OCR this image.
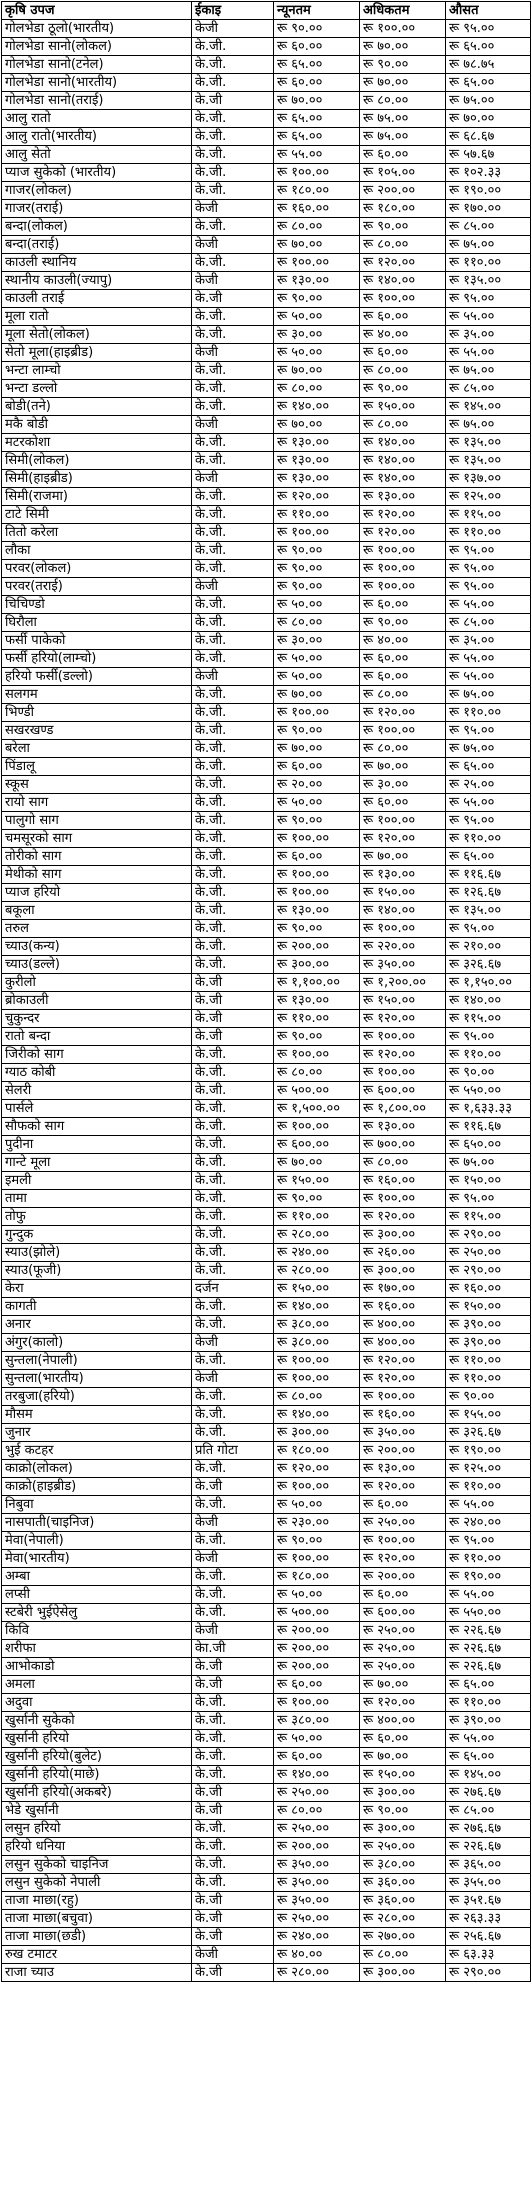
कृषि उपज	ईकाइ	न्यूनतम	अधिकतम	औसत
गोलभेडा ठूलो(भारतीय)	केजी	रू ९०.००	रू १००.००	रू ९५.००
गोलभेडा सानो(लोकल)	के.जी.	रू ६०.००	रू ७०.००	रू ६५.००
गोलभेडा सानो(टनेल)	के.जी.	रू ६५.००	रू ९०.००	रू ७८.७५
गोलभेडा सानो(भारतीय)	के.जी.	रू ६०.००	रू ७०.००	रू ६५.००
गोलभेडा सानो(तराई)	के.जी	रू ७०.००	रू ८०.००	रू ७५.००
आलु रातो	के.जी.	रू ६५.००	रू ७५.००	रू ७०.००
आलु रातो(भारतीय)	के.जी.	रू ६५.००	रू ७५.००	रू ६८.६७
आलु सेतो	के.जी.	रू ५५.००	रू ६०.००	रू ५७.६७
प्याज सुकेको (भारतीय)	के.जी.	रू १००.००	रू १०५.००	रू १०२.३३
गाजर(लोकल)	के.जी.	रू १८०.००	रू २००.००	रू १९०.००
गाजर(तराई)	केजी	रू १६०.००	रू १८०.००	रू १७०.००
बन्दा(लोकल)	के.जी.	रू ८०.००	रू ९०.००	रू ८५.००
बन्दा(तराई)	केजी	रू ७०.००	रू ८०.००	रू ७५.००
काउली स्थानिय	के.जी.	रू १००.००	रू १२०.००	रू ११०.००
स्थानीय काउली(ज्यापु)	केजी	रू १३०.००	रू १४०.००	रू १३५.००
काउली तराई	के.जी	रू ९०.००	रू १००.००	रू ९५.००
मूला रातो	के.जी.	रू ५०.००	रू ६०.००	रू ५५.००
मूला सेतो(लोकल)	के.जी.	रू ३०.००	रू ४०.००	रू ३५.००
सेतो मूला(हाइब्रीड)	केजी	रू ५०.००	रू ६०.००	रू ५५.००
भन्टा लाम्चो	के.जी.	रू ७०.००	रू ८०.००	रू ७५.००
भन्टा डल्लो	के.जी.	रू ८०.००	रू ९०.००	रू ८५.००
बोडी(तने)	के.जी.	रू १४०.००	रू १५०.००	रू १४५.००
मकै बोडी	केजी	रू ७०.००	रू ८०.००	रू ७५.००
मटरकोशा	के.जी.	रू १३०.००	रू १४०.००	रू १३५.००
सिमी(लोकल)	के.जी.	रू १३०.००	रू १४०.००	रू १३५.००
सिमी(हाइब्रीड)	केजी	रू १३०.००	रू १४०.००	रू १३७.००
सिमी(राजमा)	के.जी.	रू १२०.००	रू १३०.००	रू १२५.००
टाटे सिमी	के.जी.	रू ११०.००	रू १२०.००	रू ११५.००
तितो करेला	के.जी.	रू १००.००	रू १२०.००	रू ११०.००
लौका	के.जी.	रू ९०.००	रू १००.००	रू ९५.००
परवर(लोकल)	के.जी.	रू ९०.००	रू १००.००	रू ९५.००
परवर(तराई)	केजी	रू ९०.००	रू १००.००	रू ९५.००
चिचिण्डो	के.जी.	रू ५०.००	रू ६०.००	रू ५५.००
घिरौला	के.जी.	रू ८०.००	रू ९०.००	रू ८५.००
फर्सी पाकेको	के.जी.	रू ३०.००	रू ४०.००	रू ३५.००
फर्सी हरियो(लाम्चो)	के.जी.	रू ५०.००	रू ६०.००	रू ५५.००
हरियो फर्सी(डल्लो)	केजी	रू ५०.००	रू ६०.००	रू ५५.००
सलगम	के.जी.	रू ७०.००	रू ८०.००	रू ७५.००
भिण्डी	के.जी.	रू १००.००	रू १२०.००	रू ११०.००
सखरखण्ड	के.जी.	रू ९०.००	रू १००.००	रू ९५.००
बरेला	के.जी.	रू ७०.००	रू ८०.००	रू ७५.००
पिंडालू	के.जी.	रू ६०.००	रू ७०.००	रू ६५.००
स्कूस	के.जी.	रू २०.००	रू ३०.००	रू २५.००
रायो साग	के.जी.	रू ५०.००	रू ६०.००	रू ५५.००
पालुगो साग	के.जी.	रू ९०.००	रू १००.००	रू ९५.००
चमसूरको साग	के.जी.	रू १००.००	रू १२०.००	रू ११०.००
तोरीको साग	के.जी.	रू ६०.००	रू ७०.००	रू ६५.००
मेथीको साग	के.जी.	रू १००.००	रू १३०.००	रू ११६.६७
प्याज हरियो	के.जी.	रू १००.००	रू १५०.००	रू १२६.६७
बकूला	के.जी.	रू १३०.००	रू १४०.००	रू १३५.००
तरुल	के.जी.	रू ९०.००	रू १००.००	रू ९५.००
च्याउ(कन्य)	के.जी.	रू २००.००	रू २२०.००	रू २१०.००
च्याउ(डल्ले)	के.जी.	रू ३००.००	रू ३५०.००	रू ३२६.६७
कुरीलो	के.जी	रू १,१००.००	रू १,२००.००	रू १,१५०.००
ब्रोकाउली	के.जी	रू १३०.००	रू १५०.००	रू १४०.००
चुकुन्दर	के.जी	रू ११०.००	रू १२०.००	रू ११५.००
रातो बन्दा	के.जी	रू ९०.००	रू १००.००	रू ९५.००
जिरीको साग	के.जी.	रू १००.००	रू १२०.००	रू ११०.००
ग्याठ कोबी	के.जी.	रू ८०.००	रू १००.००	रू ९०.००
सेलरी	के.जी.	रू ५००.००	रू ६००.००	रू ५५०.००
पार्सले	के.जी.	रू १,५००.००	रू १,८००.००	रू १,६३३.३३
सौफको साग	के.जी.	रू १००.००	रू १३०.००	रू ११६.६७
पुदीना	के.जी.	रू ६००.००	रू ७००.००	रू ६५०.००
गान्टे मूला	के.जी.	रू ७०.००	रू ८०.००	रू ७५.००
इमली	के.जी.	रू १५०.००	रू १६०.००	रू १५०.००
तामा	के.जी.	रू ९०.००	रू १००.००	रू ९५.००
तोफु	के.जी.	रू ११०.००	रू १२०.००	रू ११५.००
गुन्दुक	के.जी.	रू २८०.००	रू ३००.००	रू २९०.००
स्याउ(झोले)	के.जी.	रू २४०.००	रू २६०.००	रू २५०.००
स्याउ(फूजी)	के.जी.	रू २८०.००	रू ३००.००	रू २९०.००
केरा	दर्जन	रू १५०.००	रू १७०.००	रू १६०.००
कागती	के.जी.	रू १४०.००	रू १६०.००	रू १५०.००
अनार	के.जी.	रू ३८०.००	रू ४००.००	रू ३९०.००
अंगुर(कालो)	केजी	रू ३८०.००	रू ४००.००	रू ३९०.००
सुन्तला(नेपाली)	के.जी.	रू १००.००	रू १२०.००	रू ११०.००
सुन्तला(भारतीय)	केजी	रू १००.००	रू १२०.००	रू ११०.००
तरबुजा(हरियो)	के.जी.	रू ८०.००	रू १००.००	रू ९०.००
मौसम	के.जी.	रू १४०.००	रू १६०.००	रू १५५.००
जुनार	के.जी.	रू ३००.००	रू ३५०.००	रू ३२६.६७
भुई कटहर	प्रति गोटा	रू १८०.००	रू २००.००	रू १९०.००
काक्रो(लोकल)	के.जी.	रू १२०.००	रू १३०.००	रू १२५.००
काक्रो(हाइब्रीड)	के.जी	रू १००.००	रू १२०.००	रू ११०.००
निबुवा	के.जी.	रू ५०.००	रू ६०.००	रू ५५.००
नासपाती(चाइनिज)	केजी	रू २३०.००	रू २५०.००	रू २४०.००
मेवा(नेपाली)	के.जी.	रू ९०.००	रू १००.००	रू ९५.००
मेवा(भारतीय)	केजी	रू १००.००	रू १२०.००	रू ११०.००
अम्बा	के.जी.	रू १८०.००	रू २००.००	रू १९०.००
लप्सी	के.जी.	रू ५०.००	रू ६०.००	रू ५५.००
स्टबेरी भुईऐसेलु	के.जी.	रू ५००.००	रू ६००.००	रू ५५०.००
किवि	केजी	रू २००.००	रू २५०.००	रू २२६.६७
शरीफा	केा.जी	रू २००.००	रू २५०.००	रू २२६.६७
आभोकाडो	के.जी	रू २००.००	रू २५०.००	रू २२६.६७
अमला	के.जी	रू ६०.००	रू ७०.००	रू ६५.००
अदुवा	के.जी.	रू १००.००	रू १२०.००	रू ११०.००
खुर्सानी सुकेको	के.जी.	रू ३८०.००	रू ४००.००	रू ३९०.००
खुर्सानी हरियो	के.जी.	रू ५०.००	रू ६०.००	रू ५५.००
खुर्सानी हरियो(बुलेट)	के.जी.	रू ६०.००	रू ७०.००	रू ६५.००
खुर्सानी हरियो(माछे)	के.जी.	रू १४०.००	रू १५०.००	रू १४५.००
खुर्सानी हरियो(अकबरे)	के.जी	रू २५०.००	रू ३००.००	रू २७६.६७
भेडे खुर्सानी	के.जी	रू ८०.००	रू ९०.००	रू ८५.००
लसुन हरियो	के.जी.	रू २५०.००	रू ३००.००	रू २७६.६७
हरियो धनिया	के.जी.	रू २००.००	रू २५०.००	रू २२६.६७
लसुन सुकेको चाइनिज	के.जी.	रू ३५०.००	रू ३८०.००	रू ३६५.००
लसुन सुकेको नेपाली	के.जी.	रू ३५०.००	रू ३६०.००	रू ३५५.००
ताजा माछा(रहु)	के.जी	रू ३५०.००	रू ३६०.००	रू ३५१.६७
ताजा माछा(बचुवा)	के.जी	रू २५०.००	रू २८०.००	रू २६३.३३
ताजा माछा(छडी)	के.जी	रू २४०.००	रू २७०.००	रू २५६.६७
रुख टमाटर	केजी	रू ४०.००	रू ८०.००	रू ६३.३३
राजा च्याउ	के.जी	रू २८०.००	रू ३००.००	रू २९०.००
